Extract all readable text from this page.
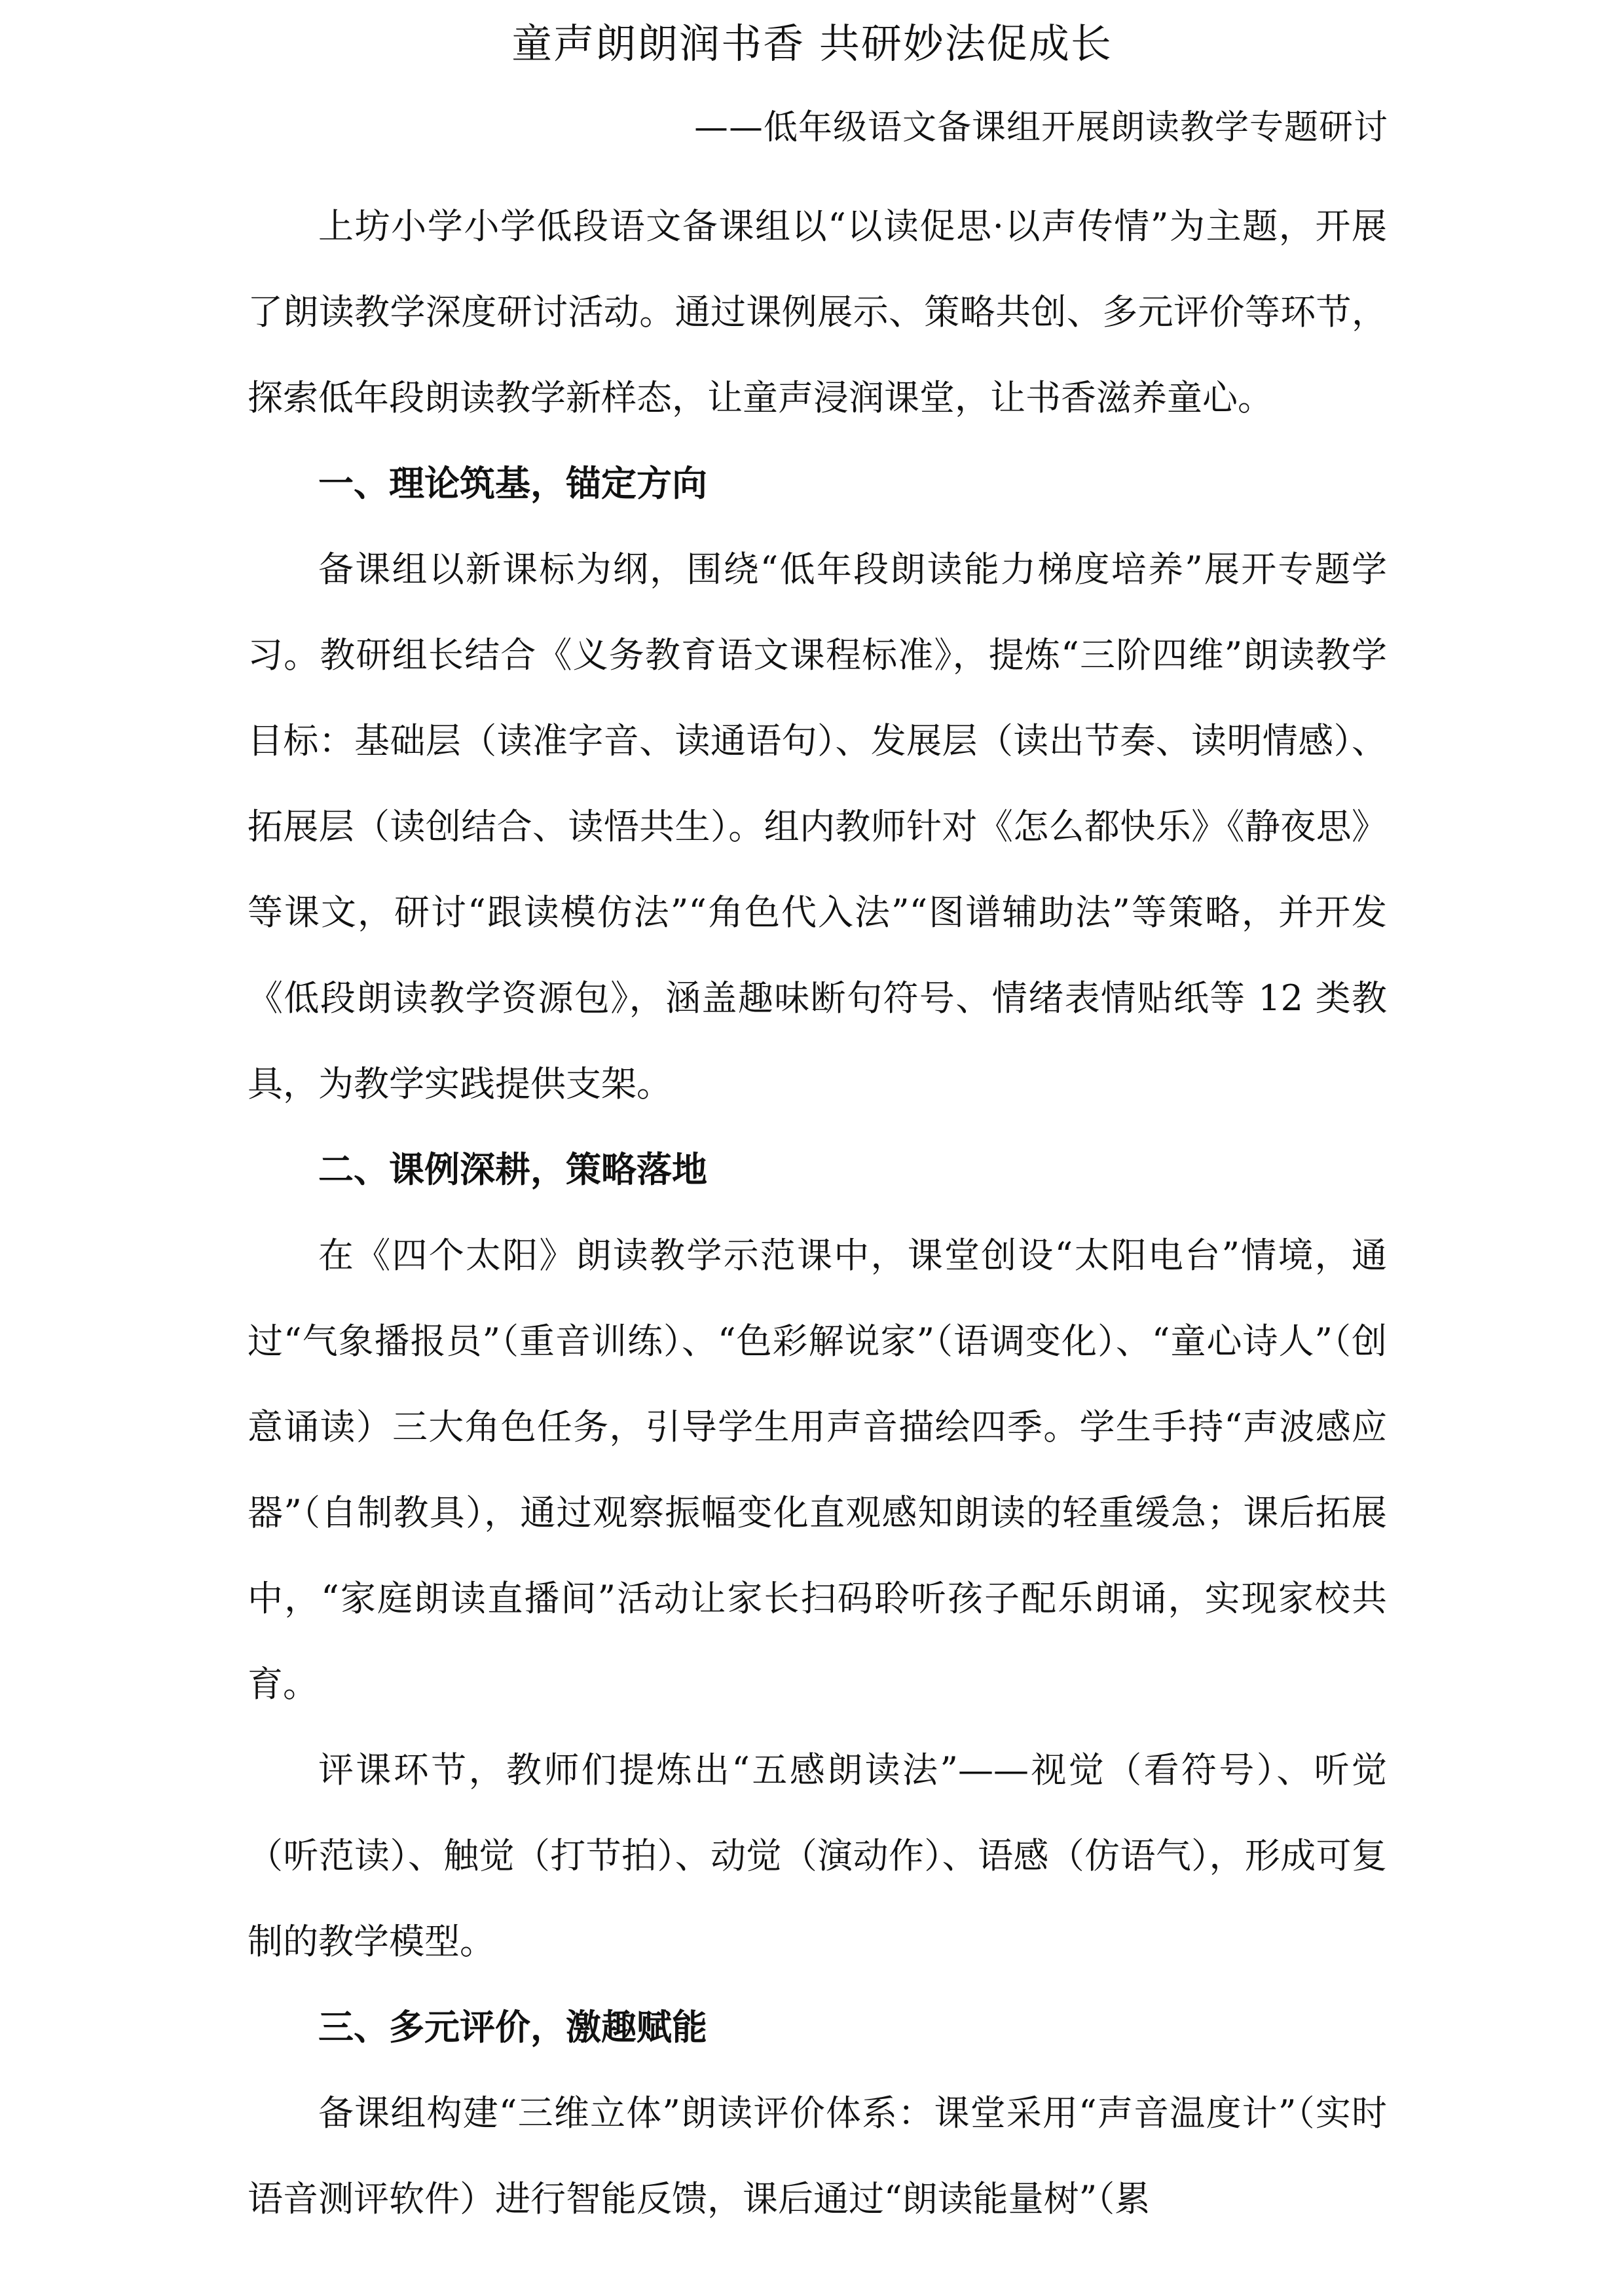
童声朗朗润书香 共研妙法促成长
——低年级语文备课组开展朗读教学专题研讨

上坊小学小学低段语文备课组以“以读促思·以声传情”为主题，开展了朗读教学深度研讨活动。通过课例展示、策略共创、多元评价等环节，探索低年段朗读教学新样态，让童声浸润课堂，让书香滋养童心。

一、理论筑基，锚定方向

备课组以新课标为纲，围绕“低年段朗读能力梯度培养”展开专题学习。教研组长结合《义务教育语文课程标准》，提炼“三阶四维”朗读教学目标：基础层（读准字音、读通语句）、发展层（读出节奏、读明情感）、拓展层（读创结合、读悟共生）。组内教师针对《怎么都快乐》《静夜思》等课文，研讨“跟读模仿法”“角色代入法”“图谱辅助法”等策略，并开发《低段朗读教学资源包》，涵盖趣味断句符号、情绪表情贴纸等 12 类教具，为教学实践提供支架。

二、课例深耕，策略落地

在《四个太阳》朗读教学示范课中，课堂创设“太阳电台”情境，通过“气象播报员”（重音训练）、“色彩解说家”（语调变化）、“童心诗人”（创意诵读）三大角色任务，引导学生用声音描绘四季。学生手持“声波感应器”（自制教具），通过观察振幅变化直观感知朗读的轻重缓急；课后拓展中，“家庭朗读直播间”活动让家长扫码聆听孩子配乐朗诵，实现家校共育。

评课环节，教师们提炼出“五感朗读法”——视觉（看符号）、听觉（听范读）、触觉（打节拍）、动觉（演动作）、语感（仿语气），形成可复制的教学模型。

三、多元评价，激趣赋能

备课组构建“三维立体”朗读评价体系：课堂采用“声音温度计”（实时语音测评软件）进行智能反馈，课后通过“朗读能量树”（累
